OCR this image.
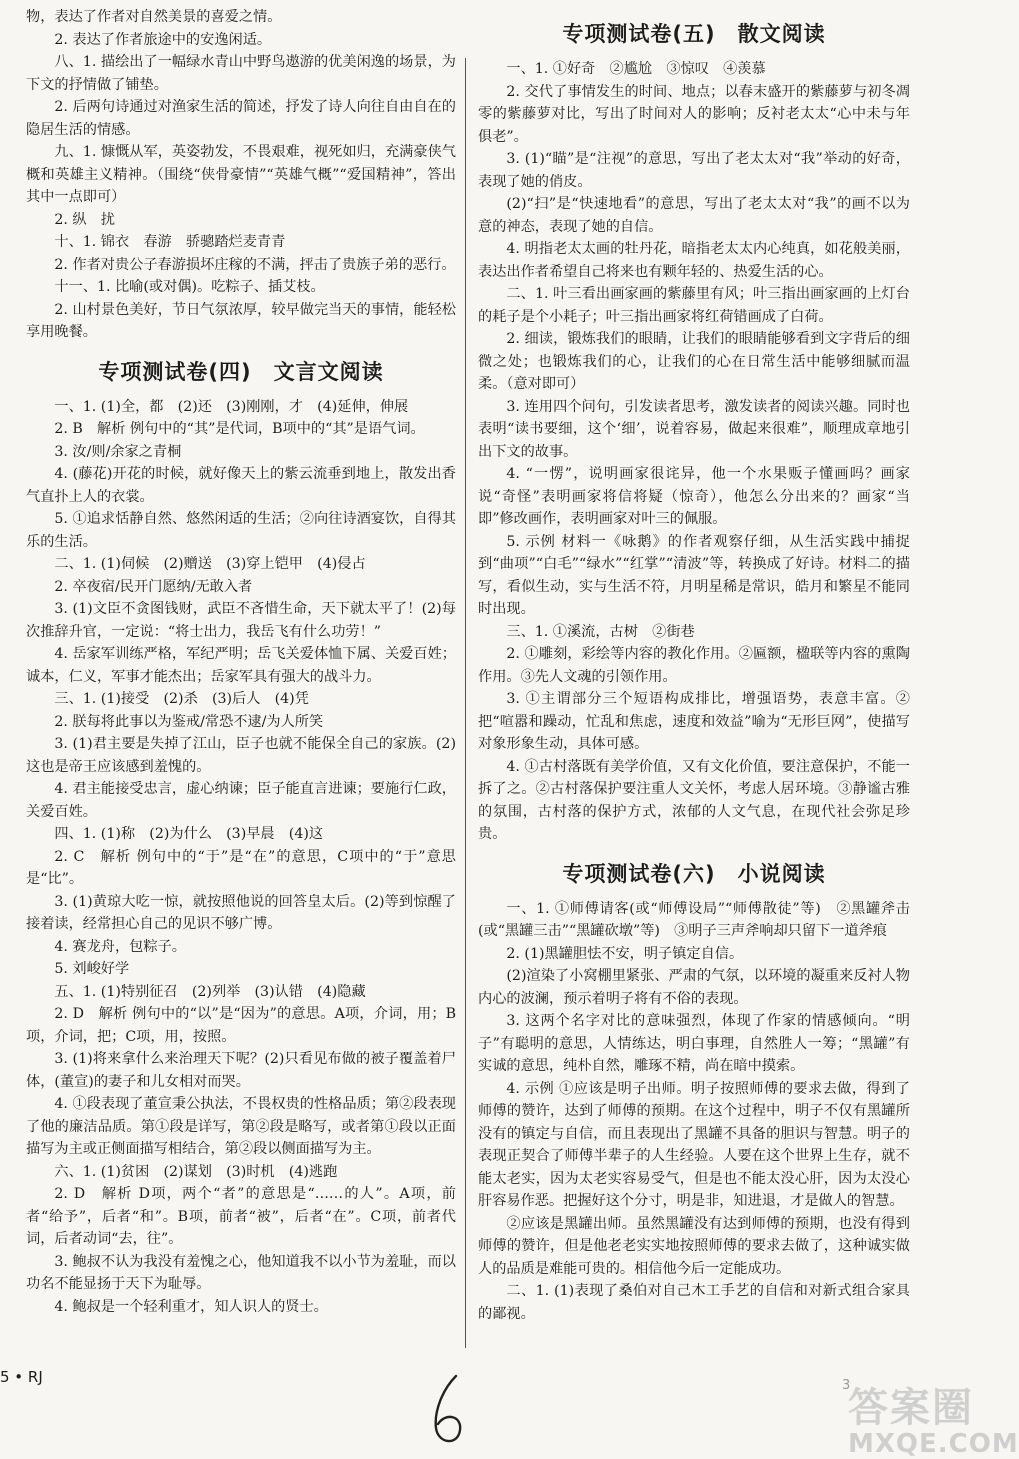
物，表达了作者对自然美景的喜爱之情。
2. 表达了作者旅途中的安逸闲适。
八、1. 描绘出了一幅绿水青山中野鸟遨游的优美闲逸的场景，为下文的抒情做了铺垫。
2. 后两句诗通过对渔家生活的简述，抒发了诗人向往自由自在的隐居生活的情感。
九、1. 慷慨从军，英姿勃发，不畏艰难，视死如归，充满豪侠气概和英雄主义精神。（围绕“侠骨豪情”“英雄气概”“爱国精神”，答出其中一点即可）
2. 纵　扰
十、1. 锦衣　春游　骄骢踏烂麦青青
2. 作者对贵公子春游损坏庄稼的不满，抨击了贵族子弟的恶行。
十一、1. 比喻(或对偶)。吃粽子、插艾枝。
2. 山村景色美好，节日气氛浓厚，较早做完当天的事情，能轻松享用晚餐。
专项测试卷(四)　文言文阅读
一、1. (1)全，都　(2)还　(3)刚刚，才　(4)延伸，伸展
2. B　解析 例句中的“其”是代词，B项中的“其”是语气词。
3. 汝/则/余家之青桐
4. (藤花)开花的时候，就好像天上的紫云流垂到地上，散发出香气直扑上人的衣裳。
5. ①追求恬静自然、悠然闲适的生活；②向往诗酒宴饮，自得其乐的生活。
二、1. (1)伺候　(2)赠送　(3)穿上铠甲　(4)侵占
2. 卒夜宿/民开门愿纳/无敢入者
3. (1)文臣不贪图钱财，武臣不吝惜生命，天下就太平了！(2)每次推辞升官，一定说：“将士出力，我岳飞有什么功劳！”
4. 岳家军训练严格，军纪严明；岳飞关爱体恤下属、关爱百姓；诚本，仁义，军事才能杰出；岳家军具有强大的战斗力。
三、1. (1)接受　(2)杀　(3)后人　(4)凭
2. 朕每将此事以为鉴戒/常恐不逮/为人所笑
3. (1)君主要是失掉了江山，臣子也就不能保全自己的家族。(2)这也是帝王应该感到羞愧的。
4. 君主能接受忠言，虚心纳谏；臣子能直言进谏；要施行仁政，关爱百姓。
四、1. (1)称　(2)为什么　(3)早晨　(4)这
2. C　解析 例句中的“于”是“在”的意思，C项中的“于”意思是“比”。
3. (1)黄琼大吃一惊，就按照他说的回答皇太后。(2)等到惊醒了接着读，经常担心自己的见识不够广博。
4. 赛龙舟，包粽子。
5. 刘峻好学
五、1. (1)特别征召　(2)列举　(3)认错　(4)隐藏
2. D　解析 例句中的“以”是“因为”的意思。A项，介词，用；B项，介词，把；C项，用，按照。
3. (1)将来拿什么来治理天下呢？(2)只看见布做的被子覆盖着尸体，(董宣)的妻子和儿女相对而哭。
4. ①段表现了董宣秉公执法，不畏权贵的性格品质；第②段表现了他的廉洁品质。第①段是详写，第②段是略写，或者第①段以正面描写为主或正侧面描写相结合，第②段以侧面描写为主。
六、1. (1)贫困　(2)谋划　(3)时机　(4)逃跑
2. D　解析 D项，两个“者”的意思是“……的人”。A项，前者“给予”，后者“和”。B项，前者“被”，后者“在”。C项，前者代词，后者动词“去，往”。
3. 鲍叔不认为我没有羞愧之心，他知道我不以小节为羞耻，而以功名不能显扬于天下为耻辱。
4. 鲍叔是一个轻利重才，知人识人的贤士。
专项测试卷(五)　散文阅读
一、1. ①好奇　②尴尬　③惊叹　④羡慕
2. 交代了事情发生的时间、地点；以春末盛开的紫藤萝与初冬凋零的紫藤萝对比，写出了时间对人的影响；反衬老太太“心中未与年俱老”。
3. (1)“瞄”是“注视”的意思，写出了老太太对“我”举动的好奇，表现了她的俏皮。
(2)“扫”是“快速地看”的意思，写出了老太太对“我”的画不以为意的神态，表现了她的自信。
4. 明指老太太画的牡丹花，暗指老太太内心纯真，如花般美丽，表达出作者希望自己将来也有颗年轻的、热爱生活的心。
二、1. 叶三看出画家画的紫藤里有风；叶三指出画家画的上灯台的耗子是个小耗子；叶三指出画家将红荷错画成了白荷。
2. 细读，锻炼我们的眼睛，让我们的眼睛能够看到文字背后的细微之处；也锻炼我们的心，让我们的心在日常生活中能够细腻而温柔。（意对即可）
3. 连用四个问句，引发读者思考，激发读者的阅读兴趣。同时也表明“读书要细，这个‘细’，说着容易，做起来很难”，顺理成章地引出下文的故事。
4. “一愣”，说明画家很诧异，他一个水果贩子懂画吗？画家说“奇怪”表明画家将信将疑（惊奇），他怎么分出来的？画家“当即”修改画作，表明画家对叶三的佩服。
5. 示例 材料一《咏鹅》的作者观察仔细，从生活实践中捕捉到“曲项”“白毛”“绿水”“红掌”“清波”等，转换成了好诗。材料二的描写，看似生动，实与生活不符，月明星稀是常识，皓月和繁星不能同时出现。
三、1. ①溪流，古树　②街巷
2. ①雕刻，彩绘等内容的教化作用。②匾额，楹联等内容的熏陶作用。③先人文魂的引领作用。
3. ①主谓部分三个短语构成排比，增强语势，表意丰富。②把“喧嚣和躁动，忙乱和焦虑，速度和效益”喻为“无形巨网”，使描写对象形象生动，具体可感。
4. ①古村落既有美学价值，又有文化价值，要注意保护，不能一拆了之。②古村落保护要注重人文关怀，考虑人居环境。③静谧古雅的氛围，古村落的保护方式，浓郁的人文气息，在现代社会弥足珍贵。
专项测试卷(六)　小说阅读
一、1. ①师傅请客(或“师傅设局”“师傅散徒”等)　②黑罐斧击(或“黑罐三击”“黑罐砍墩”等)　③明子三声斧响却只留下一道斧痕
2. (1)黑罐胆怯不安，明子镇定自信。
(2)渲染了小窝棚里紧张、严肃的气氛，以环境的凝重来反衬人物内心的波澜，预示着明子将有不俗的表现。
3. 这两个名字对比的意味强烈，体现了作家的情感倾向。“明子”有聪明的意思，人情练达，明白事理，自然胜人一筹；“黑罐”有实诚的意思，纯朴自然，雕琢不精，尚在暗中摸索。
4. 示例 ①应该是明子出师。明子按照师傅的要求去做，得到了师傅的赞许，达到了师傅的预期。在这个过程中，明子不仅有黑罐所没有的镇定与自信，而且表现出了黑罐不具备的胆识与智慧。明子的表现正契合了师傅半辈子的人生经验。人要在这个世界上生存，就不能太老实，因为太老实容易受气，但是也不能太没心肝，因为太没心肝容易作恶。把握好这个分寸，明是非，知进退，才是做人的智慧。
②应该是黑罐出师。虽然黑罐没有达到师傅的预期，也没有得到师傅的赞许，但是他老老实实地按照师傅的要求去做了，这种诚实做人的品质是难能可贵的。相信他今后一定能成功。
二、1. (1)表现了桑伯对自己木工手艺的自信和对新式组合家具的鄙视。
5 • RJ	3
答案圈
MXQE.COM
